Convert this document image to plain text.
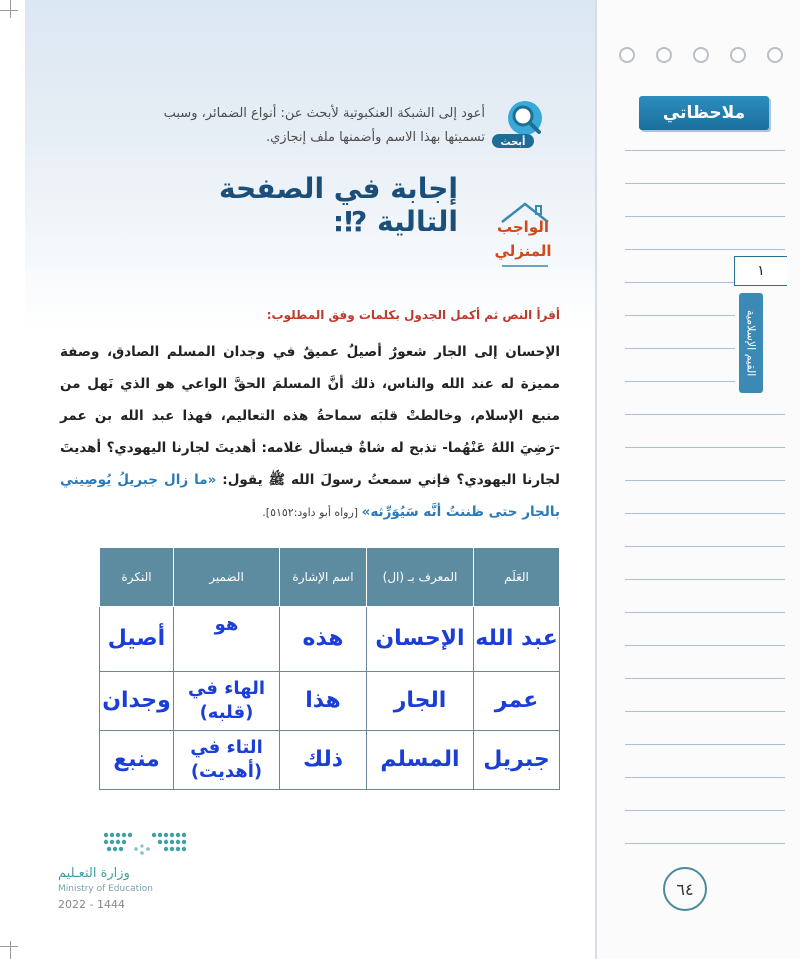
أبحث
أعود إلى الشبكة العنكبوتية لأبحث عن: أنواع الضمائر، وسبب
تسميتها بهذا الاسم وأضمنها ملف إنجازي.
إجابة في الصفحة التالية ⁉:	الواجب
المنزلي
أقرأ النص ثم أكمل الجدول بكلمات وفق المطلوب:
الإحسان إلى الجار شعورٌ أصيلٌ عميقٌ في وجدان المسلم الصادق، وصفة مميزة له عند الله والناس، ذلك أنَّ المسلمَ الحقَّ الواعي هو الذي نَهل من منبع الإسلام، وخالطتْ قلبَه سماحةُ هذه التعاليم، فهذا عبد الله بن عمر -رَضِيَ اللهُ عَنْهُما- تذبح له شاةٌ فيسأل غلامه: أهديتَ لجارنا اليهودي؟ أهديتَ لجارنا اليهودي؟ فإني سمعتُ رسولَ الله ﷺ يقول: «ما زال جبريلُ يُوصِيني بالجار حتى ظننتُ أنَّه سَيُوَرِّثه» [رواه أبو داود:٥١٥٢].
العَلَم	المعرف بـ (ال)	اسم الإشارة	الضمير	النكرة
عبد الله	الإحسان	هذه	هو	أصيل
عمر	الجار	هذا	الهاء في (قلبه)	وجدان
جبريل	المسلم	ذلك	التاء في (أهديت)	منبع
وزارة التعـليم
Ministry of Education
2022 - 1444
ملاحظاتي
١
القيم الإسلامية
٦٤
